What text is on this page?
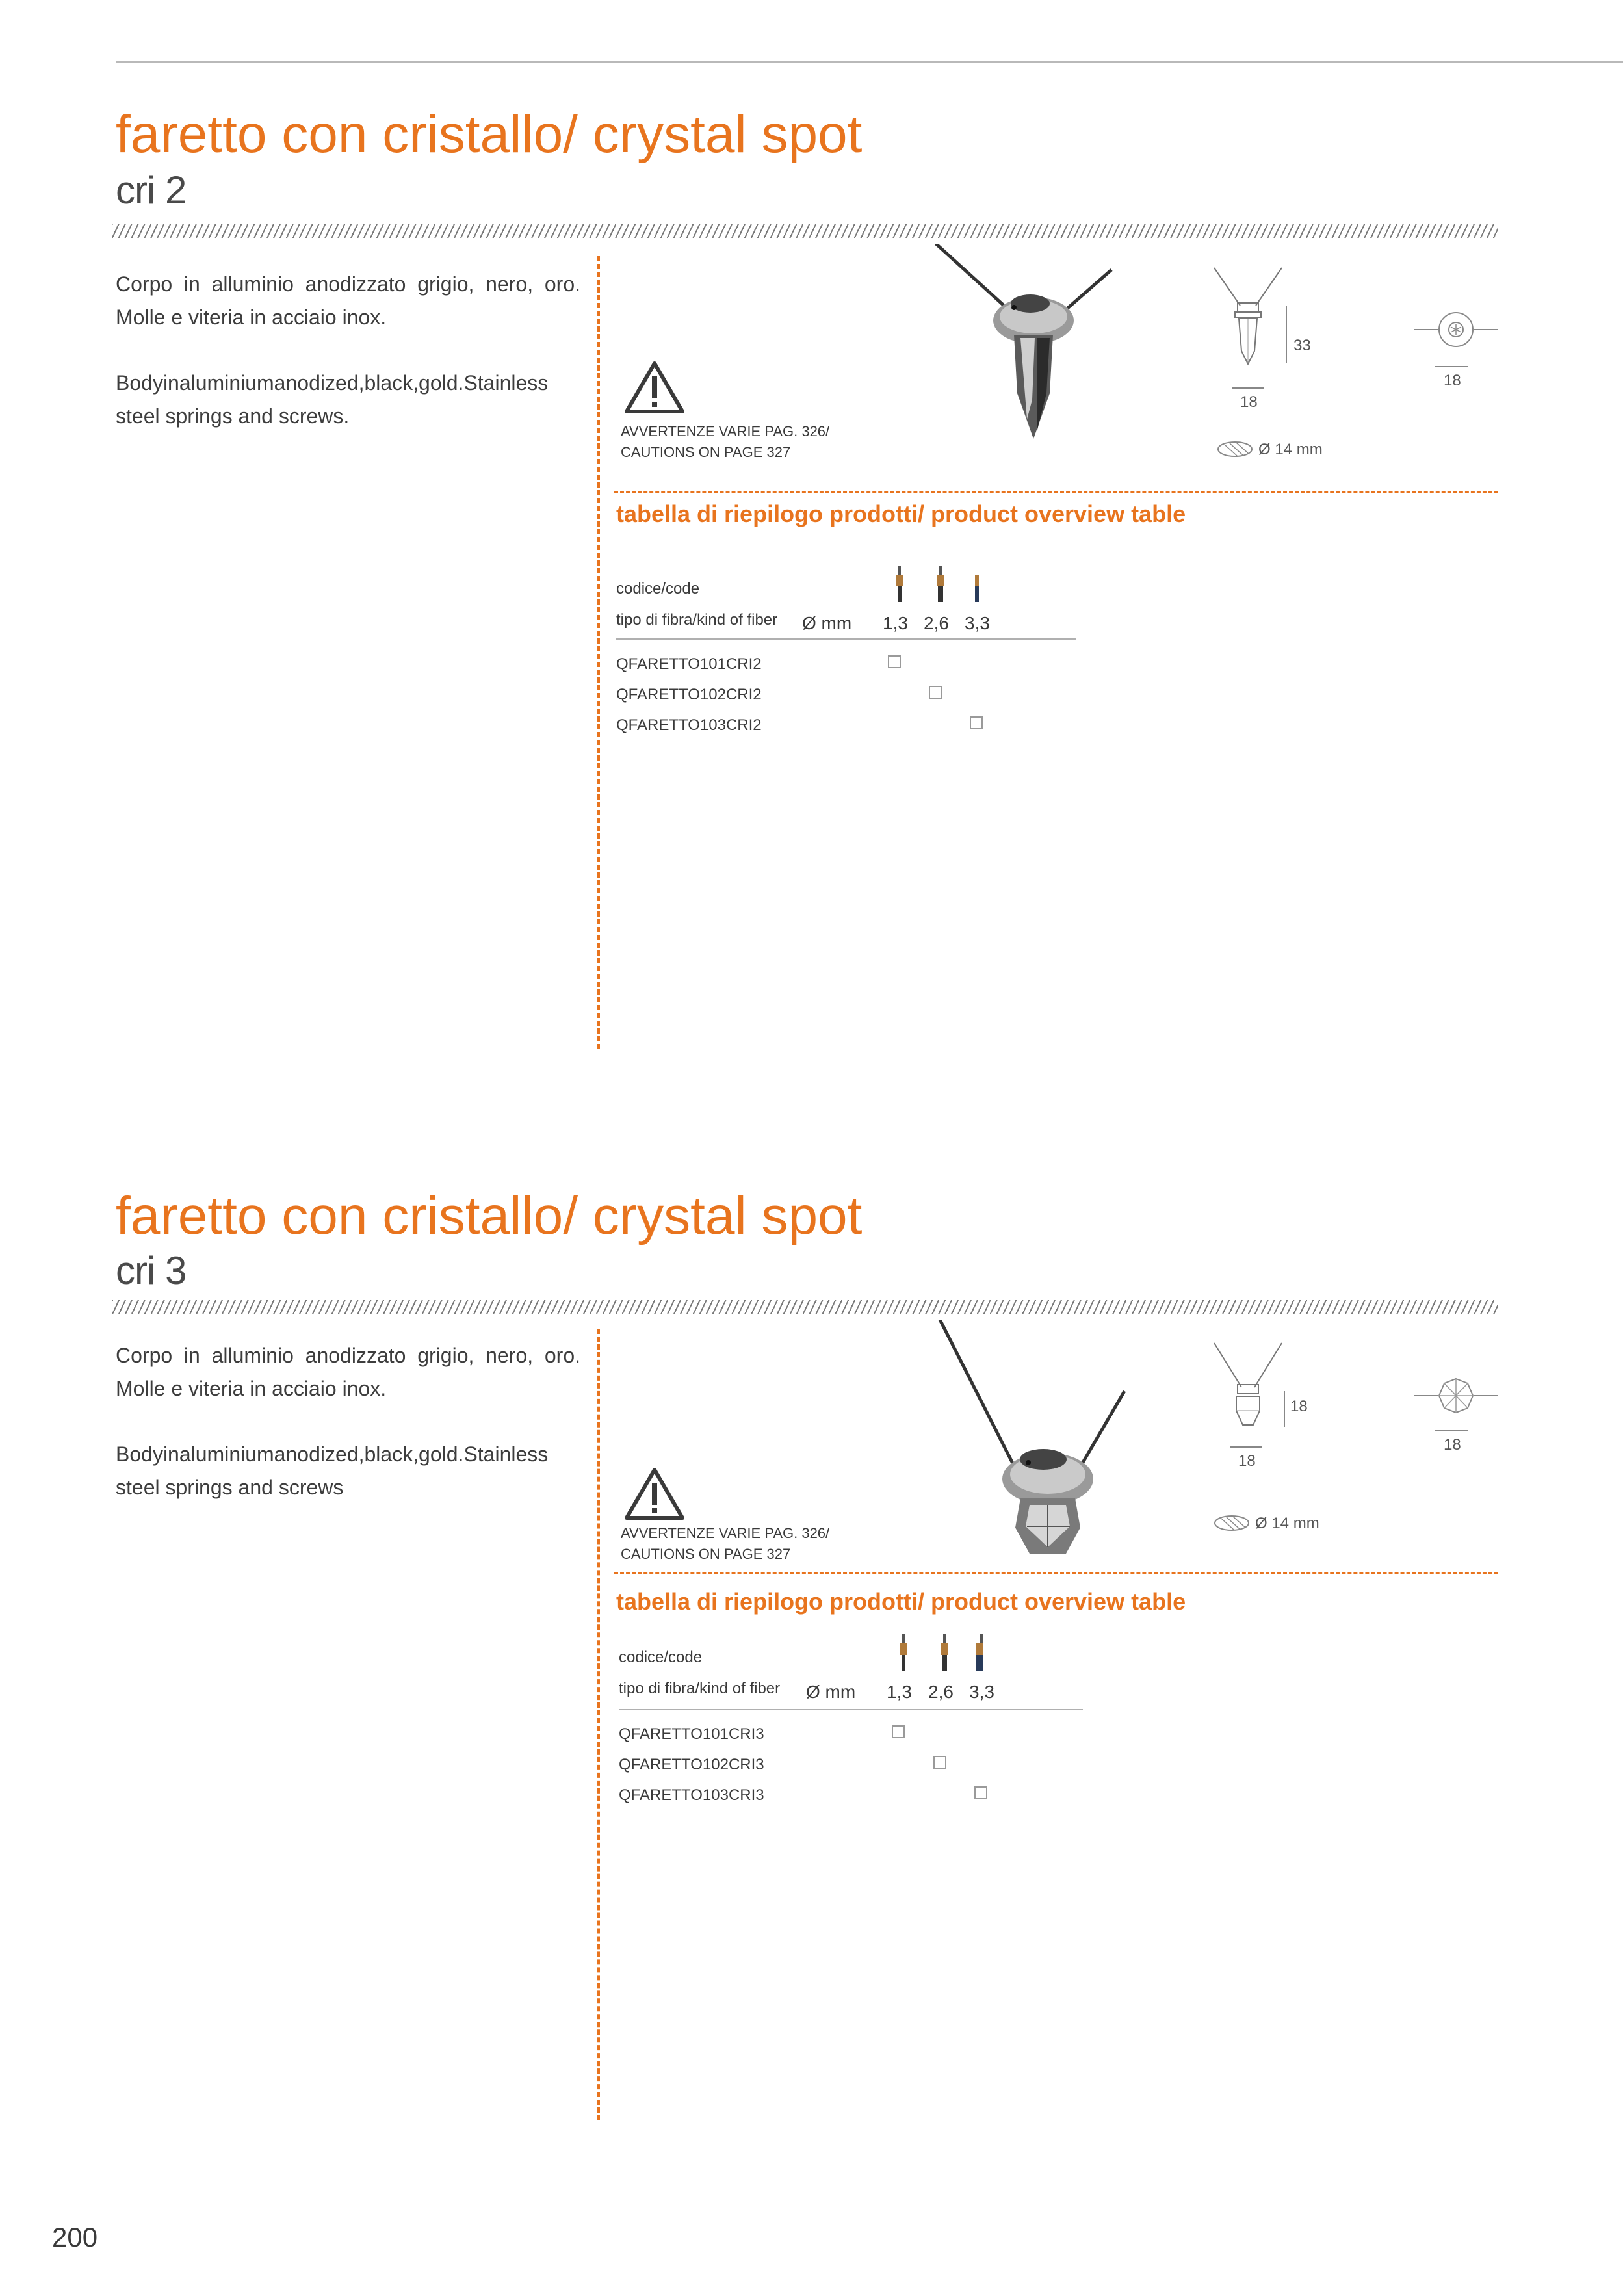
faretto con cristallo/ crystal spot
cri 2

Corpo in alluminio anodizzato grigio, nero, oro. Molle e viteria in acciaio inox.

Bodyinaluminiumanodized,black,gold.Stainless steel springs and screws.

AVVERTENZE VARIE PAG. 326/
CAUTIONS ON PAGE 327
33
18
18
Ø 14 mm
tabella di riepilogo prodotti/ product overview table
codice/code
tipo di fibra/kind of fiber Ø mm 1,3 2,6 3,3
QFARETTO101CRI2
QFARETTO102CRI2
QFARETTO103CRI2
faretto con cristallo/ crystal spot
cri 3

Corpo in alluminio anodizzato grigio, nero, oro. Molle e viteria in acciaio inox.

Bodyinaluminiumanodized,black,gold.Stainless steel springs and screws

AVVERTENZE VARIE PAG. 326/
CAUTIONS ON PAGE 327
18
18
18
Ø 14 mm
tabella di riepilogo prodotti/ product overview table
codice/code
tipo di fibra/kind of fiber Ø mm 1,3 2,6 3,3
QFARETTO101CRI3
QFARETTO102CRI3
QFARETTO103CRI3
200
